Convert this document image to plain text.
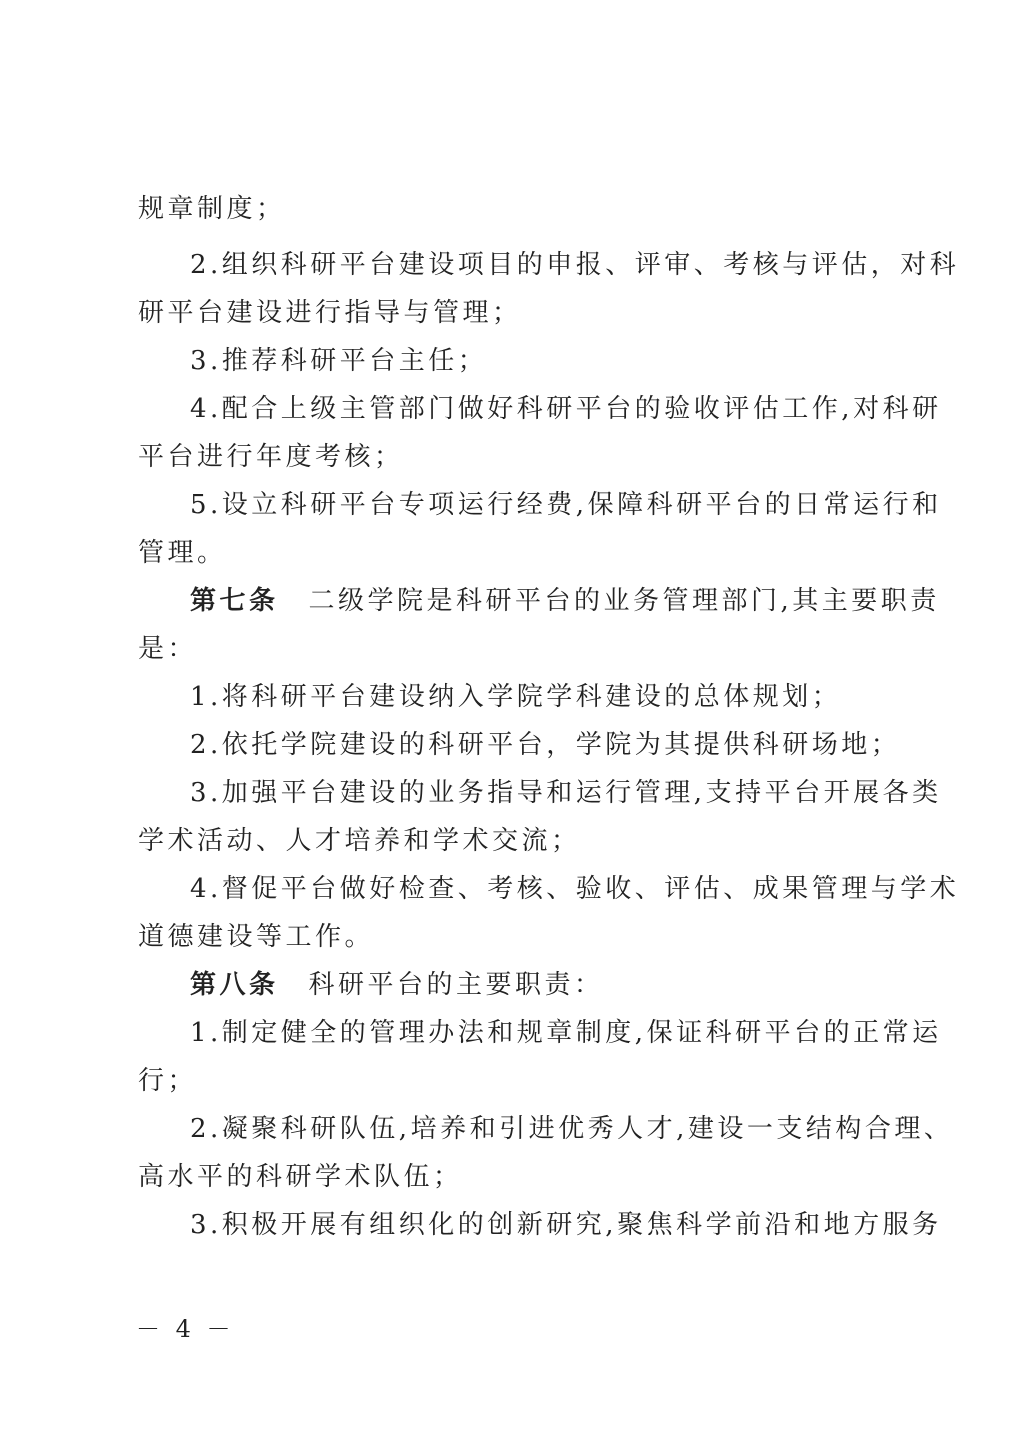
规章制度；
2.组织科研平台建设项目的申报、评审、考核与评估，对科
研平台建设进行指导与管理；
3.推荐科研平台主任；
4.配合上级主管部门做好科研平台的验收评估工作,对科研
平台进行年度考核；
5.设立科研平台专项运行经费,保障科研平台的日常运行和
管理。
第七条 二级学院是科研平台的业务管理部门,其主要职责
是：
1.将科研平台建设纳入学院学科建设的总体规划；
2.依托学院建设的科研平台，学院为其提供科研场地；
3.加强平台建设的业务指导和运行管理,支持平台开展各类
学术活动、人才培养和学术交流；
4.督促平台做好检查、考核、验收、评估、成果管理与学术
道德建设等工作。
第八条 科研平台的主要职责：
1.制定健全的管理办法和规章制度,保证科研平台的正常运
行；
2.凝聚科研队伍,培养和引进优秀人才,建设一支结构合理、
高水平的科研学术队伍；
3.积极开展有组织化的创新研究,聚焦科学前沿和地方服务
－ 4 －
